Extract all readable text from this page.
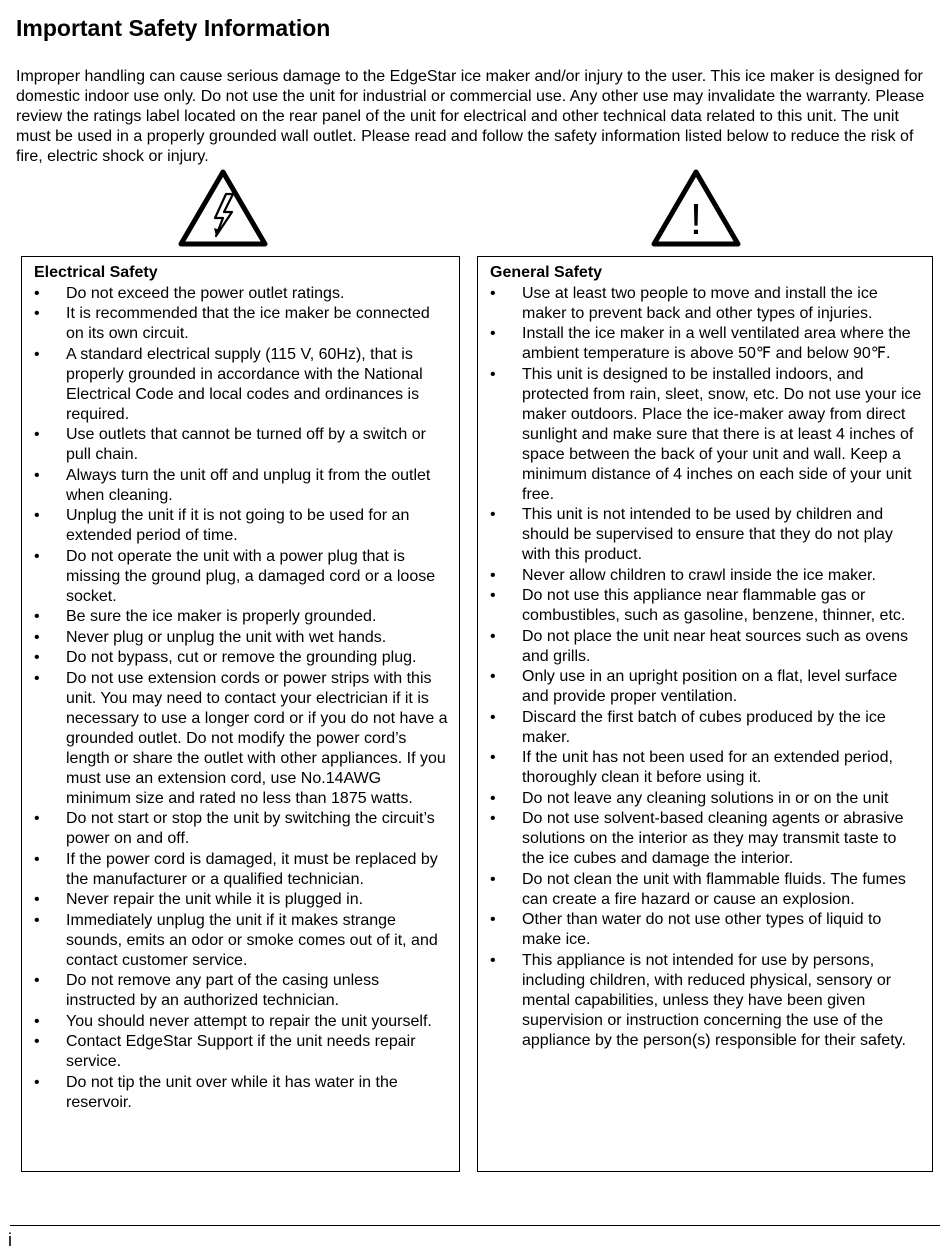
Important Safety Information

Improper handling can cause serious damage to the EdgeStar ice maker and/or injury to the user. This ice maker is designed for domestic indoor use only. Do not use the unit for industrial or commercial use. Any other use may invalidate the warranty. Please review the ratings label located on the rear panel of the unit for electrical and other technical data related to this unit. The unit must be used in a properly grounded wall outlet. Please read and follow the safety information listed below to reduce the risk of fire, electric shock or injury.

!
Electrical Safety
• Do not exceed the power outlet ratings.
• It is recommended that the ice maker be connected on its own circuit.
• A standard electrical supply (115 V, 60Hz), that is properly grounded in accordance with the National Electrical Code and local codes and ordinances is required.
• Use outlets that cannot be turned off by a switch or pull chain.
• Always turn the unit off and unplug it from the outlet when cleaning.
• Unplug the unit if it is not going to be used for an extended period of time.
• Do not operate the unit with a power plug that is missing the ground plug, a damaged cord or a loose socket.
• Be sure the ice maker is properly grounded.
• Never plug or unplug the unit with wet hands.
• Do not bypass, cut or remove the grounding plug.
• Do not use extension cords or power strips with this unit. You may need to contact your electrician if it is necessary to use a longer cord or if you do not have a grounded outlet. Do not modify the power cord’s length or share the outlet with other appliances. If you must use an extension cord, use No.14AWG minimum size and rated no less than 1875 watts.
• Do not start or stop the unit by switching the circuit’s power on and off.
• If the power cord is damaged, it must be replaced by the manufacturer or a qualified technician.
• Never repair the unit while it is plugged in.
• Immediately unplug the unit if it makes strange sounds, emits an odor or smoke comes out of it, and contact customer service.
• Do not remove any part of the casing unless instructed by an authorized technician.
• You should never attempt to repair the unit yourself.
• Contact EdgeStar Support if the unit needs repair service.
• Do not tip the unit over while it has water in the reservoir.
General Safety
• Use at least two people to move and install the ice maker to prevent back and other types of injuries.
• Install the ice maker in a well ventilated area where the ambient temperature is above 50℉ and below 90℉.
• This unit is designed to be installed indoors, and protected from rain, sleet, snow, etc. Do not use your ice maker outdoors. Place the ice-maker away from direct sunlight and make sure that there is at least 4 inches of space between the back of your unit and wall. Keep a minimum distance of 4 inches on each side of your unit free.
• This unit is not intended to be used by children and should be supervised to ensure that they do not play with this product.
• Never allow children to crawl inside the ice maker.
• Do not use this appliance near flammable gas or combustibles, such as gasoline, benzene, thinner, etc.
• Do not place the unit near heat sources such as ovens and grills.
• Only use in an upright position on a flat, level surface and provide proper ventilation.
• Discard the first batch of cubes produced by the ice maker.
• If the unit has not been used for an extended period, thoroughly clean it before using it.
• Do not leave any cleaning solutions in or on the unit
• Do not use solvent-based cleaning agents or abrasive solutions on the interior as they may transmit taste to the ice cubes and damage the interior.
• Do not clean the unit with flammable fluids. The fumes can create a fire hazard or cause an explosion.
• Other than water do not use other types of liquid to make ice.
• This appliance is not intended for use by persons, including children, with reduced physical, sensory or mental capabilities, unless they have been given supervision or instruction concerning the use of the appliance by the person(s) responsible for their safety.
i
